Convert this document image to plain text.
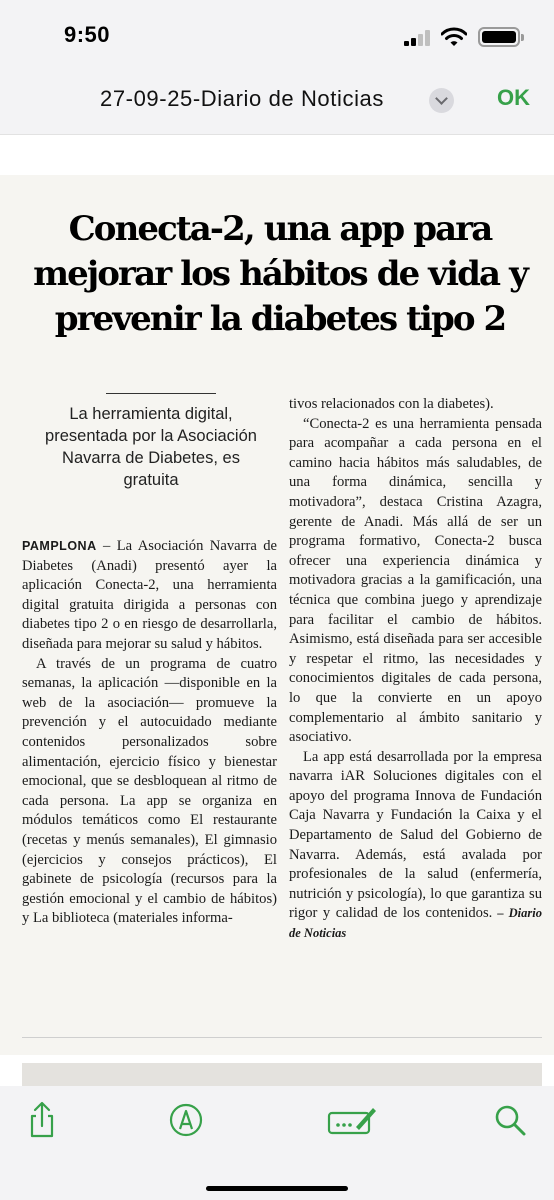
9:50
27-09-25-Diario de Noticias	OK
Conecta-2, una app para mejorar los hábitos de vida y prevenir la diabetes tipo 2
La herramienta digital, presentada por la Asociación Navarra de Diabetes, es gratuita

PAMPLONA – La Asociación Navarra de Diabetes (Anadi) presentó ayer la aplicación Conecta-2, una herramienta digital gratuita dirigida a personas con diabetes tipo 2 o en riesgo de desarrollarla, diseñada para mejorar su salud y hábitos.

A través de un programa de cuatro semanas, la aplicación —disponible en la web de la asociación— promueve la prevención y el autocuidado mediante contenidos personalizados sobre alimentación, ejercicio físico y bienestar emocional, que se desbloquean al ritmo de cada persona. La app se organiza en módulos temáticos como El restaurante (recetas y menús semanales), El gimnasio (ejercicios y consejos prácticos), El gabinete de psicología (recursos para la gestión emocional y el cambio de hábitos) y La biblioteca (materiales informa-

tivos relacionados con la diabetes).

“Conecta-2 es una herramienta pensada para acompañar a cada persona en el camino hacia hábitos más saludables, de una forma dinámica, sencilla y motivadora”, destaca Cristina Azagra, gerente de Anadi. Más allá de ser un programa formativo, Conecta-2 busca ofrecer una experiencia dinámica y motivadora gracias a la gamificación, una técnica que combina juego y aprendizaje para facilitar el cambio de hábitos. Asimismo, está diseñada para ser accesible y respetar el ritmo, las necesidades y conocimientos digitales de cada persona, lo que la convierte en un apoyo complementario al ámbito sanitario y asociativo.

La app está desarrollada por la empresa navarra iAR Soluciones digitales con el apoyo del programa Innova de Fundación Caja Navarra y Fundación la Caixa y el Departamento de Salud del Gobierno de Navarra. Además, está avalada por profesionales de la salud (enfermería, nutrición y psicología), lo que garantiza su rigor y calidad de los contenidos. – Diario de Noticias
